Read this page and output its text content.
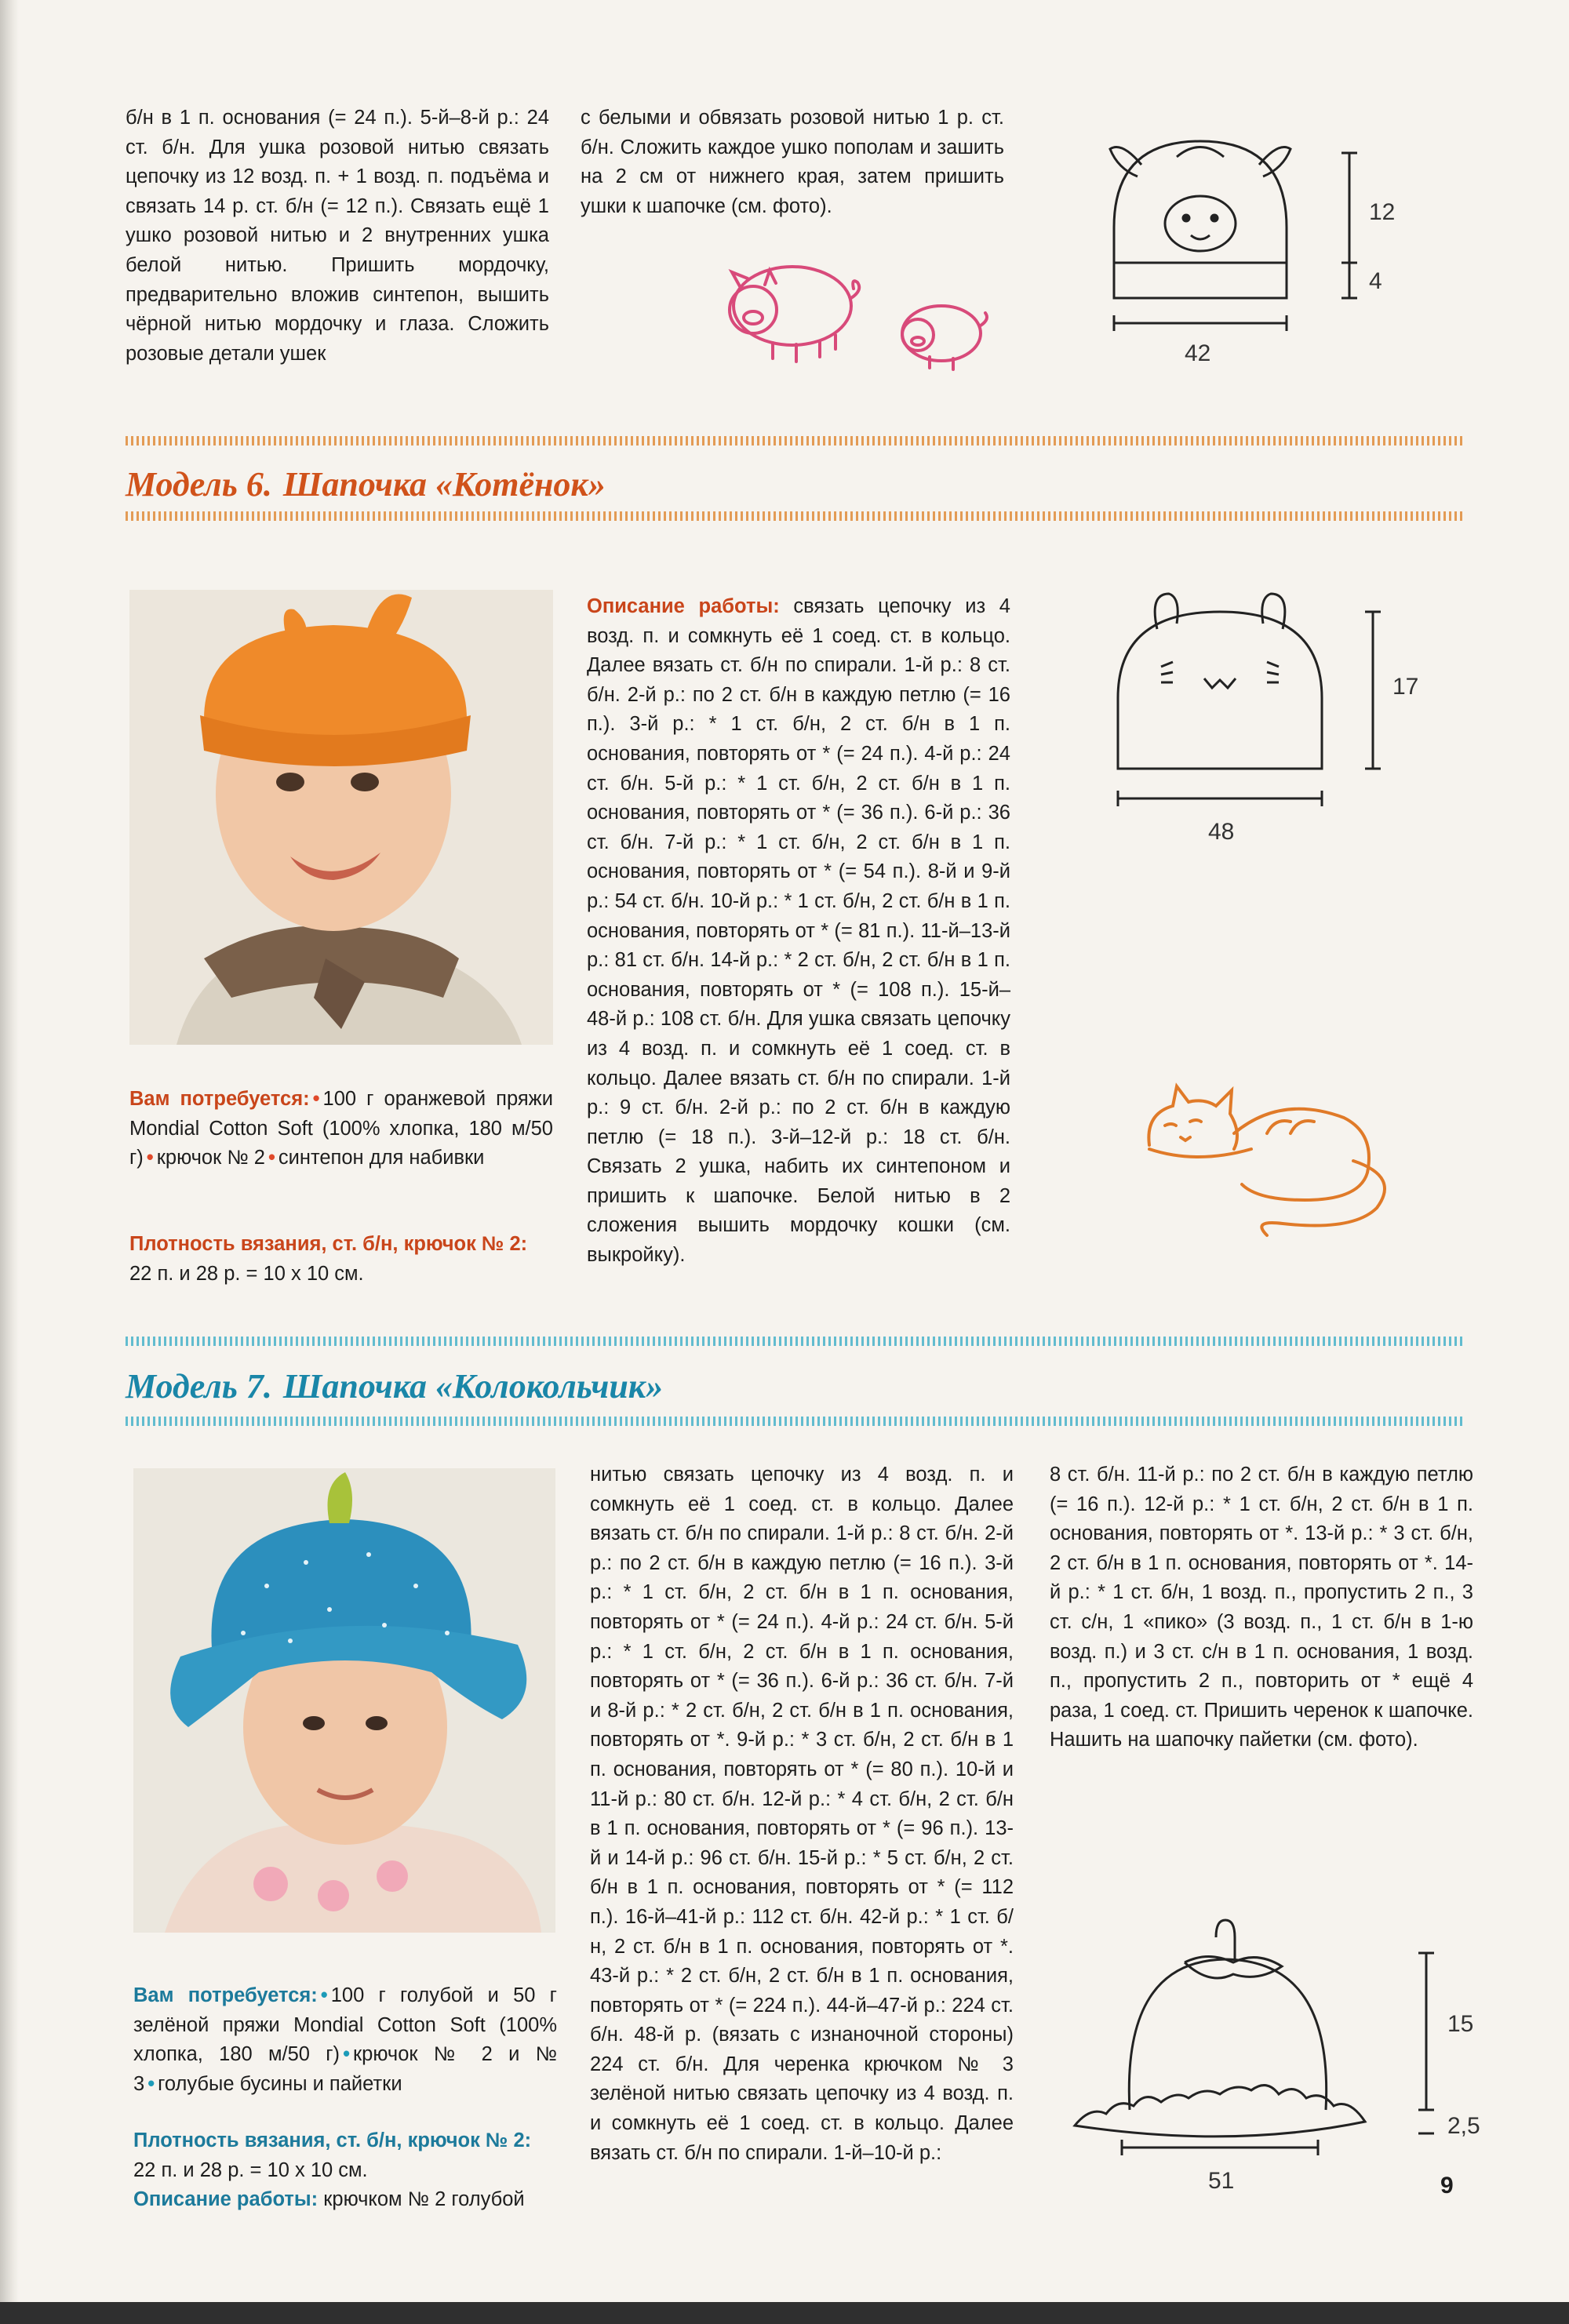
б/н в 1 п. основания (= 24 п.). 5-й–8-й р.: 24 ст. б/н. Для ушка розовой нитью связать цепочку из 12 возд. п. + 1 возд. п. подъёма и связать 14 р. ст. б/н (= 12 п.). Связать ещё 1 ушко розовой нитью и 2 внутренних ушка белой нитью. Пришить мордочку, предварительно вложив синтепон, вышить чёрной нитью мордочку и глаза. Сложить розовые детали ушек

с белыми и обвязать розовой нитью 1 р. ст. б/н. Сложить каждое ушко пополам и зашить на 2 см от нижнего края, затем пришить ушки к шапочке (см. фото).	12
4
42
Модель 6. Шапочка «Котёнок»

Вам потребуется: • 100 г оранжевой пряжи Mondial Cotton Soft (100% хлопка, 180 м/50 г) • крючок № 2 • синтепон для набивки

Плотность вязания, ст. б/н, крючок № 2:

22 п. и 28 р. = 10 х 10 см.

Описание работы: связать цепочку из 4 возд. п. и сомкнуть её 1 соед. ст. в кольцо. Далее вязать ст. б/н по спирали. 1-й р.: 8 ст. б/н. 2-й р.: по 2 ст. б/н в каждую петлю (= 16 п.). 3-й р.: * 1 ст. б/н, 2 ст. б/н в 1 п. основания, повторять от * (= 24 п.). 4-й р.: 24 ст. б/н. 5-й р.: * 1 ст. б/н, 2 ст. б/н в 1 п. основания, повторять от * (= 36 п.). 6-й р.: 36 ст. б/н. 7-й р.: * 1 ст. б/н, 2 ст. б/н в 1 п. основания, повторять от * (= 54 п.). 8-й и 9-й р.: 54 ст. б/н. 10-й р.: * 1 ст. б/н, 2 ст. б/н в 1 п. основания, повторять от * (= 81 п.). 11-й–13-й р.: 81 ст. б/н. 14-й р.: * 2 ст. б/н, 2 ст. б/н в 1 п. основания, повторять от * (= 108 п.). 15-й–48-й р.: 108 ст. б/н. Для ушка связать цепочку из 4 возд. п. и сомкнуть её 1 соед. ст. в кольцо. Далее вязать ст. б/н по спирали. 1-й р.: 9 ст. б/н. 2-й р.: по 2 ст. б/н в каждую петлю (= 18 п.). 3-й–12-й р.: 18 ст. б/н. Связать 2 ушка, набить их синтепоном и пришить к шапочке. Белой нитью в 2 сложения вышить мордочку кошки (см. выкройку).

17
48
Модель 7. Шапочка «Колокольчик»

Вам потребуется: • 100 г голубой и 50 г зелёной пряжи Mondial Cotton Soft (100% хлопка, 180 м/50 г) • крючок № 2 и № 3 • голубые бусины и пайетки

Плотность вязания, ст. б/н, крючок № 2:

22 п. и 28 р. = 10 х 10 см.

Описание работы: крючком № 2 голубой

нитью связать цепочку из 4 возд. п. и сомкнуть её 1 соед. ст. в кольцо. Далее вязать ст. б/н по спирали. 1-й р.: 8 ст. б/н. 2-й р.: по 2 ст. б/н в каждую петлю (= 16 п.). 3-й р.: * 1 ст. б/н, 2 ст. б/н в 1 п. основания, повторять от * (= 24 п.). 4-й р.: 24 ст. б/н. 5-й р.: * 1 ст. б/н, 2 ст. б/н в 1 п. основания, повторять от * (= 36 п.). 6-й р.: 36 ст. б/н. 7-й и 8-й р.: * 2 ст. б/н, 2 ст. б/н в 1 п. основания, повторять от *. 9-й р.: * 3 ст. б/н, 2 ст. б/н в 1 п. основания, повторять от * (= 80 п.). 10-й и 11-й р.: 80 ст. б/н. 12-й р.: * 4 ст. б/н, 2 ст. б/н в 1 п. основания, повторять от * (= 96 п.). 13-й и 14-й р.: 96 ст. б/н. 15-й р.: * 5 ст. б/н, 2 ст. б/н в 1 п. основания, повторять от * (= 112 п.). 16-й–41-й р.: 112 ст. б/н. 42-й р.: * 1 ст. б/н, 2 ст. б/н в 1 п. основания, повторять от *. 43-й р.: * 2 ст. б/н, 2 ст. б/н в 1 п. основания, повторять от * (= 224 п.). 44-й–47-й р.: 224 ст. б/н. 48-й р. (вязать с изнаночной стороны) 224 ст. б/н. Для черенка крючком № 3 зелёной нитью связать цепочку из 4 возд. п. и сомкнуть её 1 соед. ст. в кольцо. Далее вязать ст. б/н по спирали. 1-й–10-й р.:

8 ст. б/н. 11-й р.: по 2 ст. б/н в каждую петлю (= 16 п.). 12-й р.: * 1 ст. б/н, 2 ст. б/н в 1 п. основания, повторять от *. 13-й р.: * 3 ст. б/н, 2 ст. б/н в 1 п. основания, повторять от *. 14-й р.: * 1 ст. б/н, 1 возд. п., пропустить 2 п., 3 ст. с/н, 1 «пико» (3 возд. п., 1 ст. б/н в 1-ю возд. п.) и 3 ст. с/н в 1 п. основания, 1 возд. п., пропустить 2 п., повторить от * ещё 4 раза, 1 соед. ст. Пришить черенок к шапочке. Нашить на шапочку пайетки (см. фото).

15
2,5
51	9
